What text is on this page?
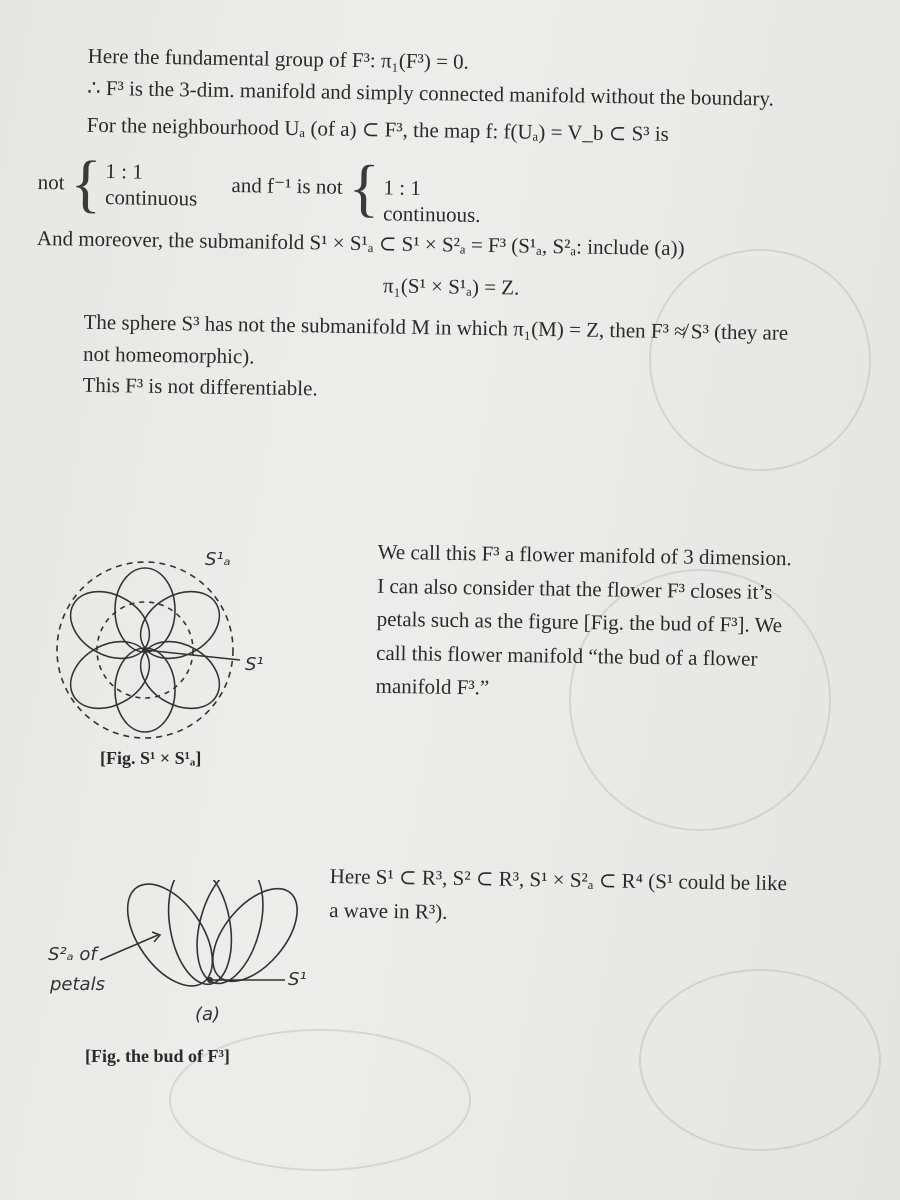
Here the fundamental group of F³: π₁(F³) = 0.

∴ F³ is the 3-dim. manifold and simply connected manifold without the boundary.

For the neighbourhood Uₐ (of a) ⊂ F³, the map f: f(Uₐ) = V_b ⊂ S³ is

not { 1 : 1
continuous and f⁻¹ is not { 1 : 1
continuous.

And moreover, the submanifold S¹ × S¹ₐ ⊂ S¹ × S²ₐ = F³ (S¹ₐ, S²ₐ: include (a))

π₁(S¹ × S¹ₐ) = Z.

The sphere S³ has not the submanifold M in which π₁(M) = Z, then F³ ≉ S³ (they are not homeomorphic).

This F³ is not differentiable.

S¹ₐ
S¹
[Fig. S¹ × S¹ₐ]

We call this F³ a flower manifold of 3 dimension.

I can also consider that the flower F³ closes it’s petals such as the figure [Fig. the bud of F³]. We call this flower manifold “the bud of a flower manifold F³.”

Here S¹ ⊂ R³, S² ⊂ R³, S¹ × S²ₐ ⊂ R⁴ (S¹ could be like a wave in R³).
S²ₐ of
petals
(a)
S¹
[Fig. the bud of F³]
